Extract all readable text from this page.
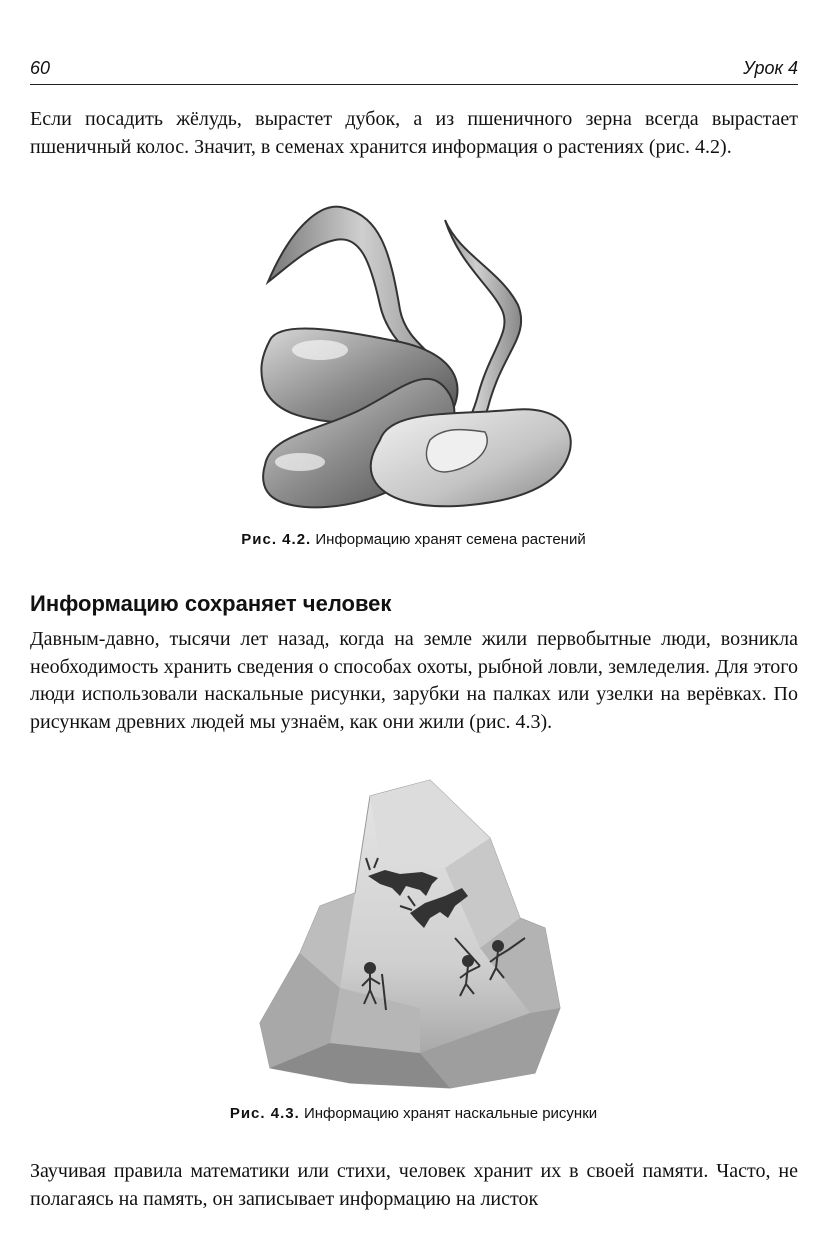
60	Урок 4
Если посадить жёлудь, вырастет дубок, а из пшеничного зерна всегда вырастает пшеничный колос. Значит, в семенах хранится информация о растениях (рис. 4.2).
Рис. 4.2. Информацию хранят семена растений
Информацию сохраняет человек
Давным-давно, тысячи лет назад, когда на земле жили первобытные люди, возникла необходимость хранить сведения о способах охоты, рыбной ловли, земледелия. Для этого люди использовали наскальные рисунки, зарубки на палках или узелки на верёвках. По рисункам древних людей мы узнаём, как они жили (рис. 4.3).
Рис. 4.3. Информацию хранят наскальные рисунки
Заучивая правила математики или стихи, человек хранит их в своей памяти. Часто, не полагаясь на память, он записывает информацию на листок
